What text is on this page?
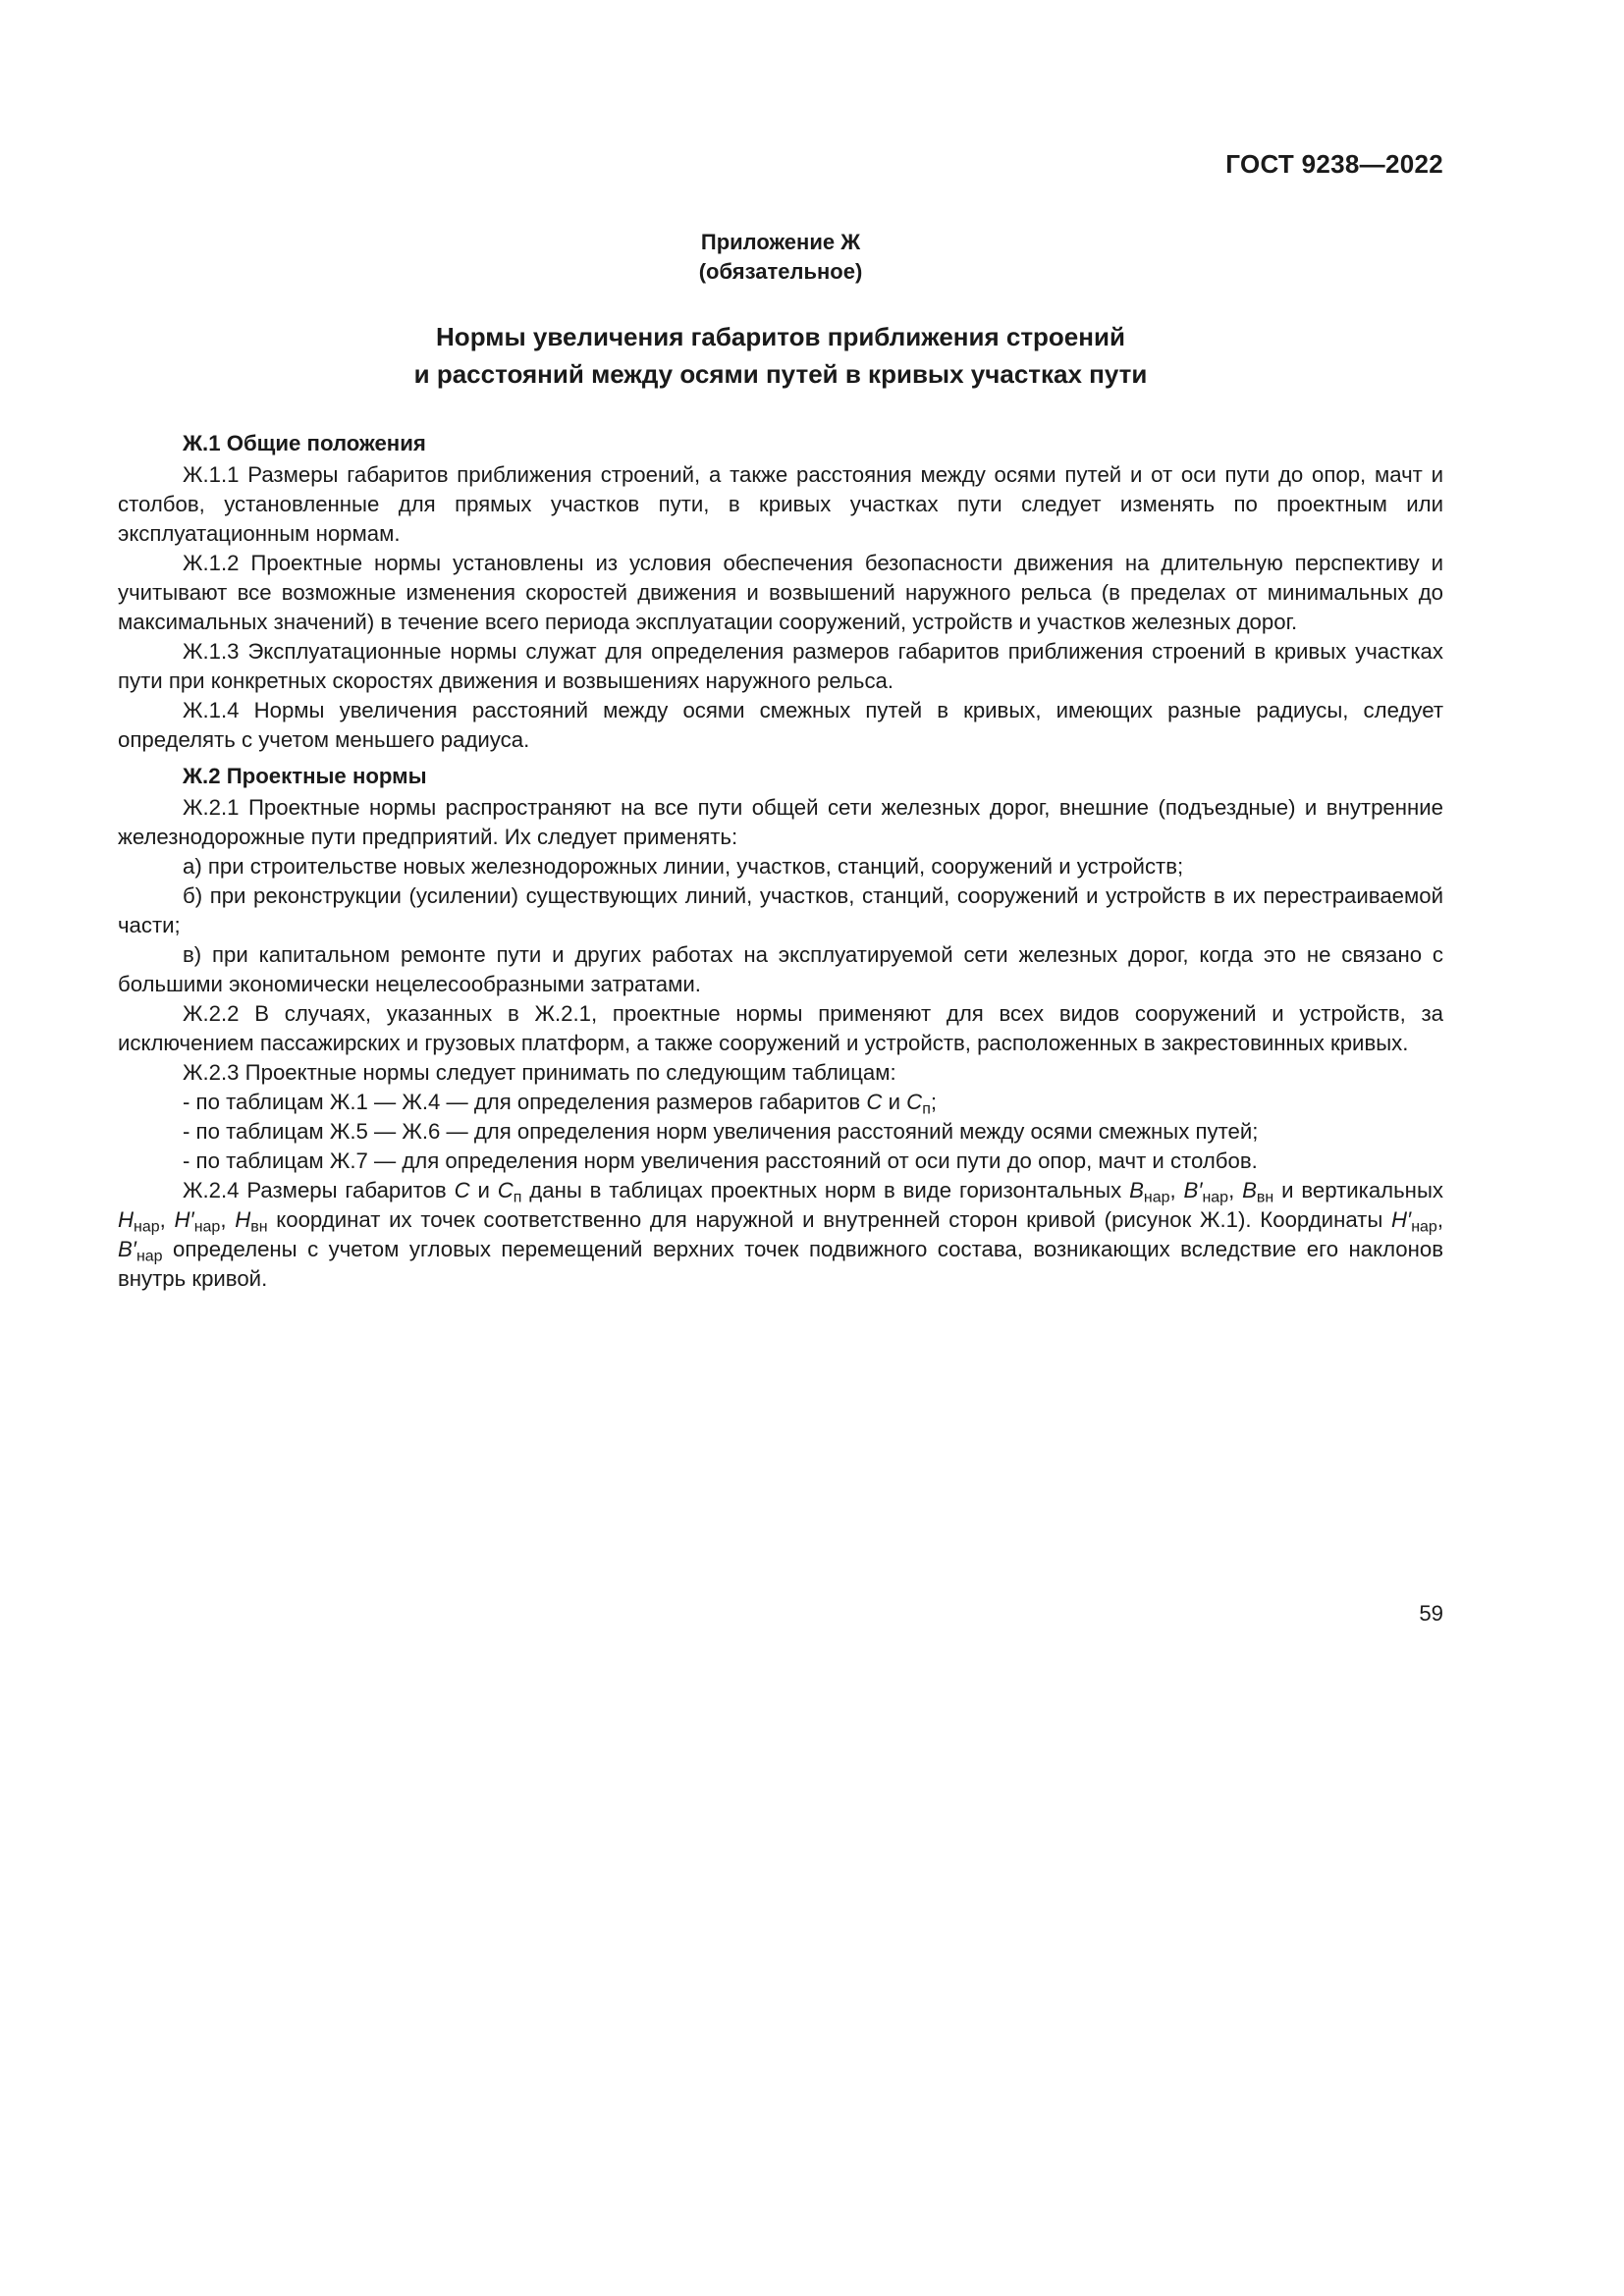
ГОСТ 9238—2022
Приложение Ж
(обязательное)
Нормы увеличения габаритов приближения строений
и расстояний между осями путей в кривых участках пути
Ж.1 Общие положения

Ж.1.1 Размеры габаритов приближения строений, а также расстояния между осями путей и от оси пути до опор, мачт и столбов, установленные для прямых участков пути, в кривых участках пути следует изменять по проектным или эксплуатационным нормам.

Ж.1.2 Проектные нормы установлены из условия обеспечения безопасности движения на длительную перспективу и учитывают все возможные изменения скоростей движения и возвышений наружного рельса (в пределах от минимальных до максимальных значений) в течение всего периода эксплуатации сооружений, устройств и участков железных дорог.

Ж.1.3 Эксплуатационные нормы служат для определения размеров габаритов приближения строений в кривых участках пути при конкретных скоростях движения и возвышениях наружного рельса.

Ж.1.4 Нормы увеличения расстояний между осями смежных путей в кривых, имеющих разные радиусы, следует определять с учетом меньшего радиуса.

Ж.2 Проектные нормы

Ж.2.1 Проектные нормы распространяют на все пути общей сети железных дорог, внешние (подъездные) и внутренние железнодорожные пути предприятий. Их следует применять:

а) при строительстве новых железнодорожных линии, участков, станций, сооружений и устройств;

б) при реконструкции (усилении) существующих линий, участков, станций, сооружений и устройств в их перестраиваемой части;

в) при капитальном ремонте пути и других работах на эксплуатируемой сети железных дорог, когда это не связано с большими экономически нецелесообразными затратами.

Ж.2.2 В случаях, указанных в Ж.2.1, проектные нормы применяют для всех видов сооружений и устройств, за исключением пассажирских и грузовых платформ, а также сооружений и устройств, расположенных в закрестовинных кривых.

Ж.2.3 Проектные нормы следует принимать по следующим таблицам:

- по таблицам Ж.1 — Ж.4 — для определения размеров габаритов C и $C_п$;

- по таблицам Ж.5 — Ж.6 — для определения норм увеличения расстояний между осями смежных путей;

- по таблицам Ж.7 — для определения норм увеличения расстояний от оси пути до опор, мачт и столбов.

Ж.2.4 Размеры габаритов C и $C_п$ даны в таблицах проектных норм в виде горизонтальных $B_{нар}$, $B'_{нар}$, $B_{вн}$ и вертикальных $H_{нар}$, $H'_{нар}$, $H_{вн}$ координат их точек соответственно для наружной и внутренней сторон кривой (рисунок Ж.1). Координаты $H'_{нар}$, $B'_{нар}$ определены с учетом угловых перемещений верхних точек подвижного состава, возникающих вследствие его наклонов внутрь кривой.

59
